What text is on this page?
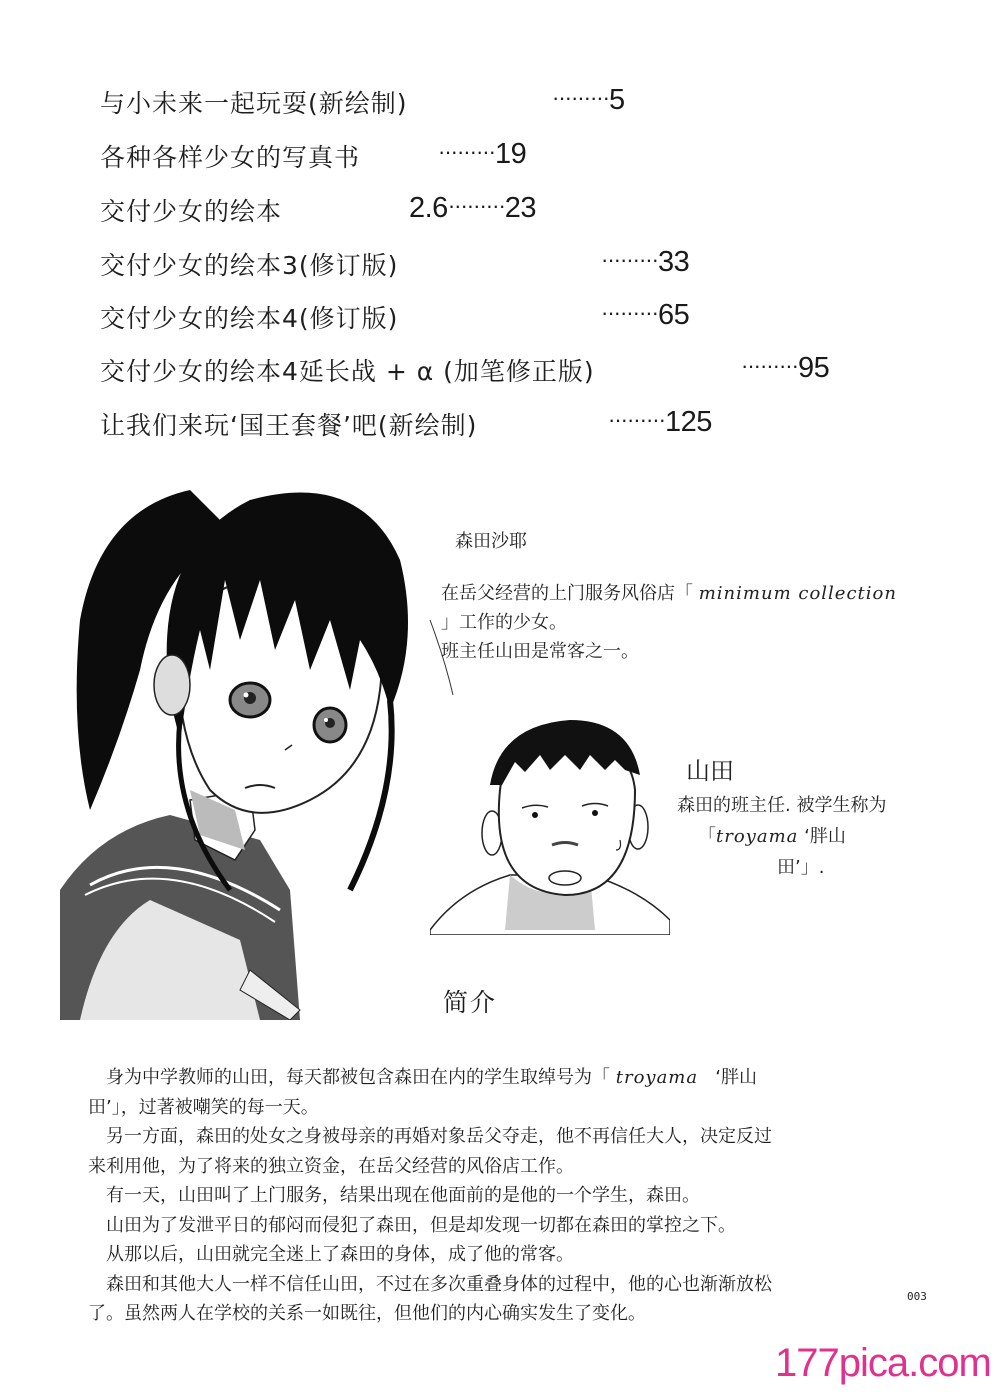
与小未来一起玩耍(新绘制)	·········5
各种各样少女的写真书	·········19
交付少女的绘本	2.6·········23
交付少女的绘本3(修订版)	·········33
交付少女的绘本4(修订版)	·········65
交付少女的绘本4延长战 + α (加笔修正版)	·········95
让我们来玩‘国王套餐’吧(新绘制)	·········125
森田沙耶
在岳父经营的上门服务风俗店「 minimum collection
」工作的少女。
班主任山田是常客之一。
山田
森田的班主任. 被学生称为
「troyama ‘胖山
田’」.
简介

　身为中学教师的山田，每天都被包含森田在内的学生取绰号为「 troyama ‘胖山

田’」，过著被嘲笑的每一天。

　另一方面，森田的处女之身被母亲的再婚对象岳父夺走，他不再信任大人，决定反过

来利用他，为了将来的独立资金，在岳父经营的风俗店工作。

　有一天，山田叫了上门服务，结果出现在他面前的是他的一个学生，森田。

　山田为了发泄平日的郁闷而侵犯了森田，但是却发现一切都在森田的掌控之下。

　从那以后，山田就完全迷上了森田的身体，成了他的常客。

　森田和其他大人一样不信任山田，不过在多次重叠身体的过程中，他的心也渐渐放松

了。虽然两人在学校的关系一如既往，但他们的内心确实发生了变化。

003
177pica.com
